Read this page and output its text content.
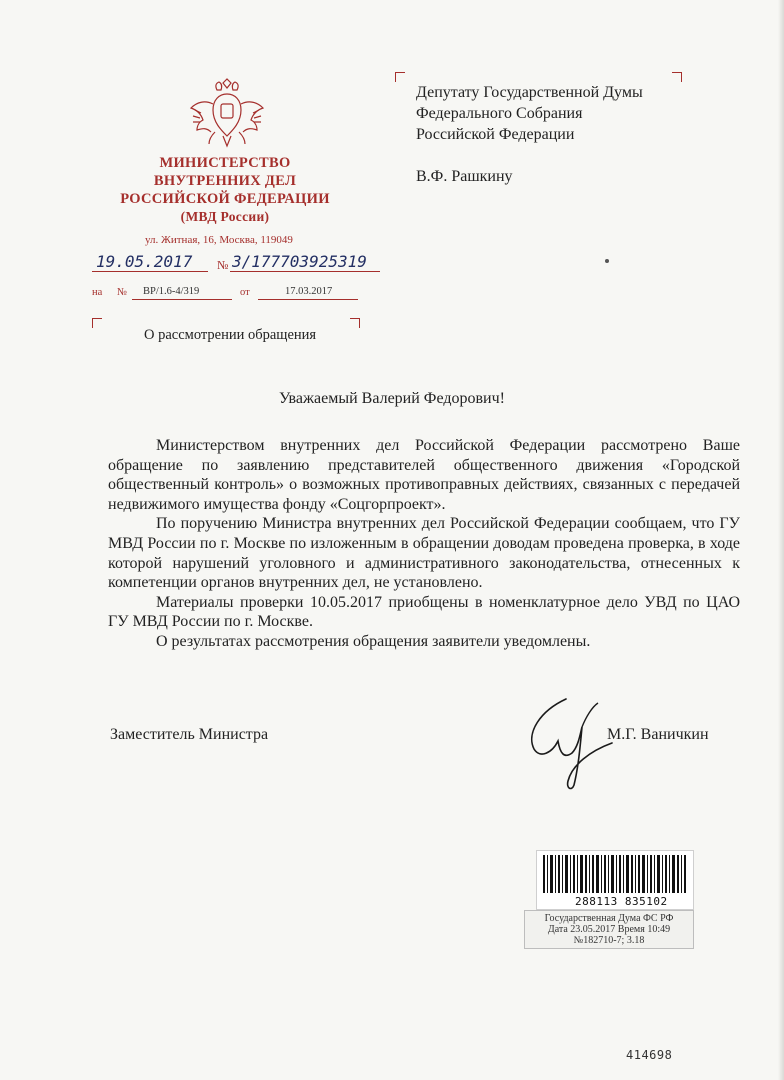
МИНИСТЕРСТВО
ВНУТРЕННИХ ДЕЛ
РОССИЙСКОЙ ФЕДЕРАЦИИ
(МВД России)
ул. Житная, 16, Москва, 119049
19.05.2017 № 3/177703925319
на № ВР/1.6-4/319	от	17.03.2017
О рассмотрении обращения
Депутату Государственной Думы
Федерального Собрания
Российской Федерации
В.Ф. Рашкину
Уважаемый Валерий Федорович!

Министерством внутренних дел Российской Федерации рассмотрено Ваше обращение по заявлению представителей общественного движения «Городской общественный контроль» о возможных противоправных действиях, связанных с передачей недвижимого имущества фонду «Соцгорпроект».

По поручению Министра внутренних дел Российской Федерации сообщаем, что ГУ МВД России по г. Москве по изложенным в обращении доводам проведена проверка, в ходе которой нарушений уголовного и административного законодательства, отнесенных к компетенции органов внутренних дел, не установлено.

Материалы проверки 10.05.2017 приобщены в номенклатурное дело УВД по ЦАО ГУ МВД России по г. Москве.

О результатах рассмотрения обращения заявители уведомлены.

Заместитель Министра	М.Г. Ваничкин
288113 835102
Государственная Дума ФС РФ
Дата 23.05.2017 Время 10:49
№182710-7; 3.18
414698
